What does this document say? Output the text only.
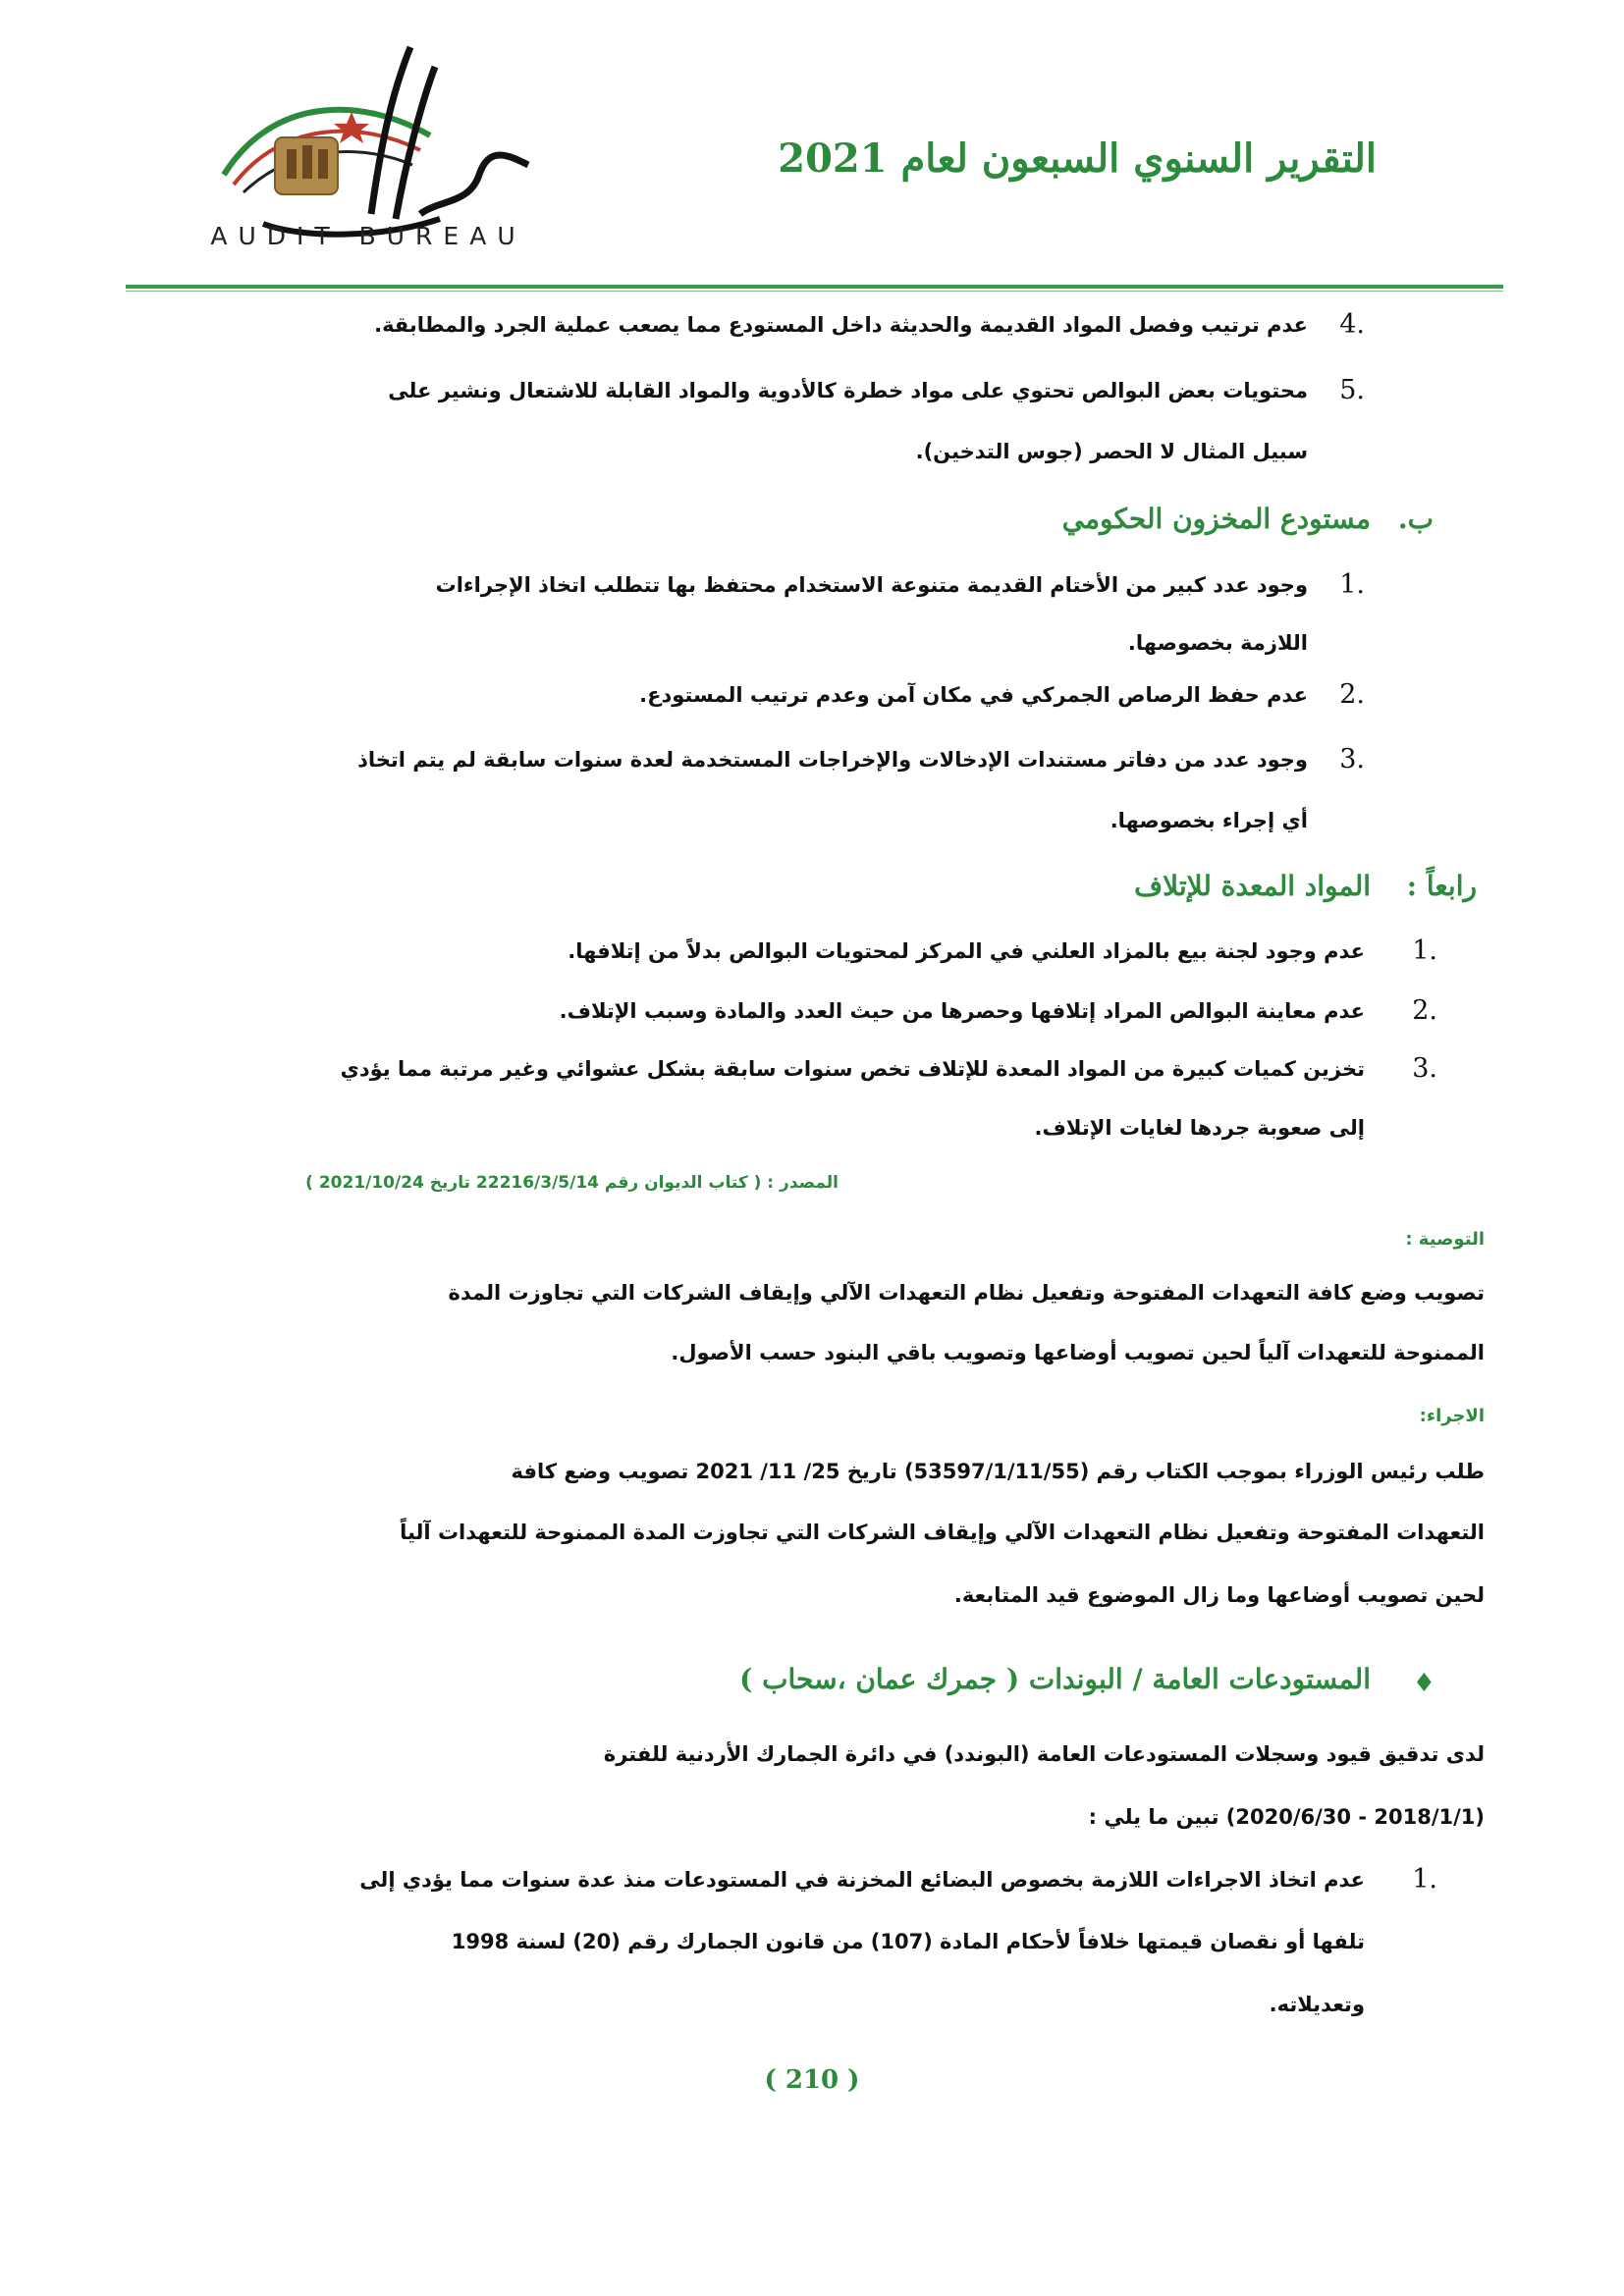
التقرير السنوي السبعون لعام 2021
AUDIT BUREAU
4.
عدم ترتيب وفصل المواد القديمة والحديثة داخل المستودع مما يصعب عملية الجرد والمطابقة.
5.
محتويات بعض البوالص تحتوي على مواد خطرة كالأدوية والمواد القابلة للاشتعال ونشير على
سبيل المثال لا الحصر (جوس التدخين).
ب.
مستودع المخزون الحكومي
1.
وجود عدد كبير من الأختام القديمة متنوعة الاستخدام محتفظ بها تتطلب اتخاذ الإجراءات
اللازمة بخصوصها.
2.
عدم حفظ الرصاص الجمركي في مكان آمن وعدم ترتيب المستودع.
3.
وجود عدد من دفاتر مستندات الإدخالات والإخراجات المستخدمة لعدة سنوات سابقة لم يتم اتخاذ
أي إجراء بخصوصها.
رابعاً :
المواد المعدة للإتلاف
1.
عدم وجود لجنة بيع بالمزاد العلني في المركز لمحتويات البوالص بدلاً من إتلافها.
2.
عدم معاينة البوالص المراد إتلافها وحصرها من حيث العدد والمادة وسبب الإتلاف.
3.
تخزين كميات كبيرة من المواد المعدة للإتلاف تخص سنوات سابقة بشكل عشوائي وغير مرتبة مما يؤدي
إلى صعوبة جردها لغايات الإتلاف.
المصدر : ( كتاب الديوان رقم 22216/3/5/14 تاريخ 2021/10/24 )
التوصية :
تصويب وضع كافة التعهدات المفتوحة وتفعيل نظام التعهدات الآلي وإيقاف الشركات التي تجاوزت المدة
الممنوحة للتعهدات آلياً لحين تصويب أوضاعها وتصويب باقي البنود حسب الأصول.
الاجراء:
طلب رئيس الوزراء بموجب الكتاب رقم (53597/1/11/55) تاريخ 25/ 11/ 2021 تصويب وضع كافة
التعهدات المفتوحة وتفعيل نظام التعهدات الآلي وإيقاف الشركات التي تجاوزت المدة الممنوحة للتعهدات آلياً
لحين تصويب أوضاعها وما زال الموضوع قيد المتابعة.
♦
المستودعات العامة / البوندات ( جمرك عمان ،سحاب )
لدى تدقيق قيود وسجلات المستودعات العامة (البوندد) في دائرة الجمارك الأردنية للفترة
(2018/1/1 - 2020/6/30) تبين ما يلي :
1.
عدم اتخاذ الاجراءات اللازمة بخصوص البضائع المخزنة في المستودعات منذ عدة سنوات مما يؤدي إلى
تلفها أو نقصان قيمتها خلافاً لأحكام المادة (107) من قانون الجمارك رقم (20) لسنة 1998
وتعديلاته.
( 210 )
